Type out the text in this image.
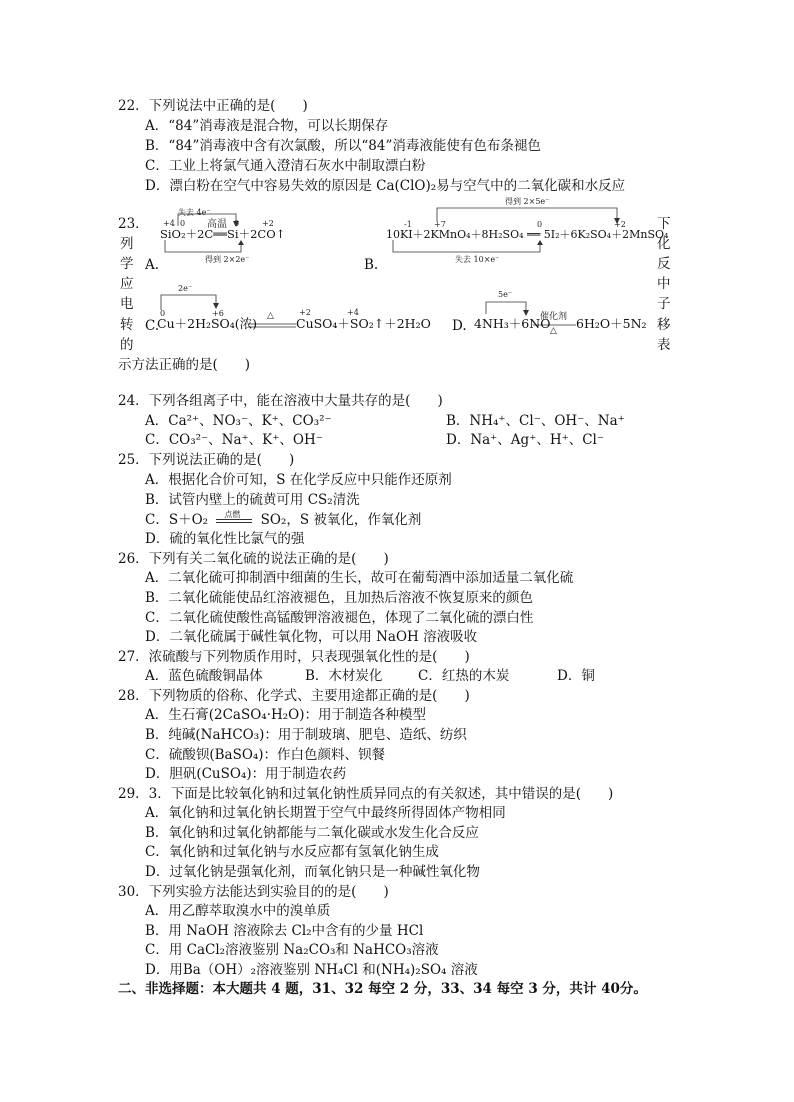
22．下列说法中正确的是(　　)
A．“84”消毒液是混合物，可以长期保存
B．“84”消毒液中含有次氯酸，所以“84”消毒液能使有色布条褪色
C．工业上将氯气通入澄清石灰水中制取漂白粉
D．漂白粉在空气中容易失效的原因是 Ca(ClO)₂易与空气中的二氧化碳和水反应
23．
列
学
应
电
转
的
下
化
反
中
子
移
表
示方法正确的是(　　)
A.
失去 4e⁻
+4 0	0	+2
高温
SiO₂＋2C══Si＋2CO↑
得到 2×2e⁻	B.
得到 2×5e⁻
-1	+7	0	+2
10KI＋2KMnO₄＋8H₂SO₄ ══ 5I₂＋6K₂SO₄＋2MnSO₄
失去 10×e⁻
2e⁻
C.
0	+6	+2	+4
△
Cu＋2H₂SO₄(浓)	CuSO₄＋SO₂↑＋2H₂O
5e⁻
D.
催化剂
△
4NH₃＋6NO 6H₂O＋5N₂
24．下列各组离子中，能在溶液中大量共存的是(　　)
A．Ca²⁺、NO₃⁻、K⁺、CO₃²⁻	B．NH₄⁺、Cl⁻、OH⁻、Na⁺
C．CO₃²⁻、Na⁺、K⁺、OH⁻	D．Na⁺、Ag⁺、H⁺、Cl⁻
25．下列说法正确的是(　　)
A．根据化合价可知，S 在化学反应中只能作还原剂
B．试管内壁上的硫黄可用 CS₂清洗
C．S＋O₂ 点燃 SO₂，S 被氧化，作氧化剂
D．硫的氧化性比氯气的强
26．下列有关二氧化硫的说法正确的是(　　)
A．二氧化硫可抑制酒中细菌的生长，故可在葡萄酒中添加适量二氧化硫
B．二氧化硫能使品红溶液褪色，且加热后溶液不恢复原来的颜色
C．二氧化硫使酸性高锰酸钾溶液褪色，体现了二氧化硫的漂白性
D．二氧化硫属于碱性氧化物，可以用 NaOH 溶液吸收
27．浓硫酸与下列物质作用时，只表现强氧化性的是(　　)
A．蓝色硫酸铜晶体	B．木材炭化	C．红热的木炭	D．铜
28．下列物质的俗称、化学式、主要用途都正确的是(　　)
A．生石膏(2CaSO₄·H₂O)：用于制造各种模型
B．纯碱(NaHCO₃)：用于制玻璃、肥皂、造纸、纺织
C．硫酸钡(BaSO₄)：作白色颜料、钡餐
D．胆矾(CuSO₄)：用于制造农药
29．3．下面是比较氧化钠和过氧化钠性质异同点的有关叙述，其中错误的是(　　)
A．氧化钠和过氧化钠长期置于空气中最终所得固体产物相同
B．氧化钠和过氧化钠都能与二氧化碳或水发生化合反应
C．氧化钠和过氧化钠与水反应都有氢氧化钠生成
D．过氧化钠是强氧化剂，而氧化钠只是一种碱性氧化物
30．下列实验方法能达到实验目的的是(　　)
A．用乙醇萃取溴水中的溴单质
B．用 NaOH 溶液除去 Cl₂中含有的少量 HCl
C．用 CaCl₂溶液鉴别 Na₂CO₃和 NaHCO₃溶液
D．用Ba（OH）₂溶液鉴别 NH₄Cl 和(NH₄)₂SO₄ 溶液
二、非选择题：本大题共 4 题，31、32 每空 2 分，33、34 每空 3 分，共计 40分。
